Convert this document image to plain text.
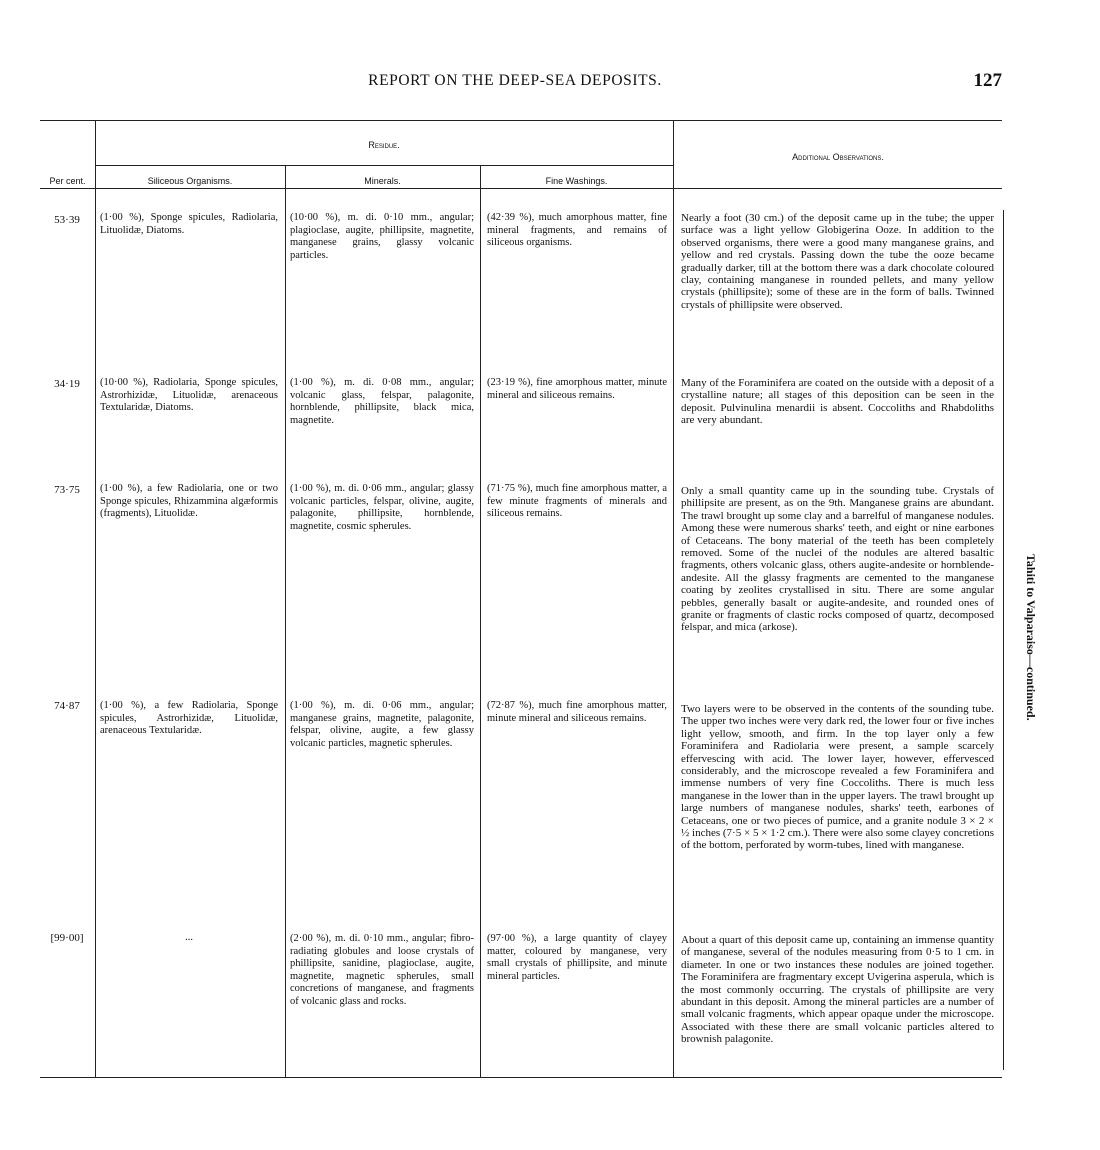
REPORT ON THE DEEP-SEA DEPOSITS.	127
Per cent.
Residue.
Siliceous Organisms.	Minerals.	Fine Washings.
Additional Observations.
53·39	(1·00 %), Sponge spicules, Radiolaria, Lituolidæ, Diatoms.
(10·00 %), m. di. 0·10 mm., angular; plagioclase, augite, phillipsite, magnetite, manganese grains, glassy volcanic particles.
(42·39 %), much amorphous matter, fine mineral fragments, and remains of siliceous organisms.
Nearly a foot (30 cm.) of the deposit came up in the tube; the upper surface was a light yellow Globigerina Ooze. In addition to the observed organisms, there were a good many manganese grains, and yellow and red crystals. Passing down the tube the ooze became gradually darker, till at the bottom there was a dark chocolate coloured clay, containing manganese in rounded pellets, and many yellow crystals (phillipsite); some of these are in the form of balls. Twinned crystals of phillipsite were observed.
34·19	(10·00 %), Radiolaria, Sponge spicules, Astrorhizidæ, Lituolidæ, arenaceous Textularidæ, Diatoms.
(1·00 %), m. di. 0·08 mm., angular; volcanic glass, felspar, palagonite, hornblende, phillipsite, black mica, magnetite.
(23·19 %), fine amorphous matter, minute mineral and siliceous remains.
Many of the Foraminifera are coated on the outside with a deposit of a crystalline nature; all stages of this deposition can be seen in the deposit. Pulvinulina menardii is absent. Coccoliths and Rhabdoliths are very abundant.
73·75	(1·00 %), a few Radiolaria, one or two Sponge spicules, Rhizammina algæformis (fragments), Lituolidæ.
(1·00 %), m. di. 0·06 mm., angular; glassy volcanic particles, felspar, olivine, augite, palagonite, phillipsite, hornblende, magnetite, cosmic spherules.
(71·75 %), much fine amorphous matter, a few minute fragments of minerals and siliceous remains.
Only a small quantity came up in the sounding tube. Crystals of phillipsite are present, as on the 9th. Manganese grains are abundant. The trawl brought up some clay and a barrelful of manganese nodules. Among these were numerous sharks' teeth, and eight or nine earbones of Cetaceans. The bony material of the teeth has been completely removed. Some of the nuclei of the nodules are altered basaltic fragments, others volcanic glass, others augite-andesite or hornblende-andesite. All the glassy fragments are cemented to the manganese coating by zeolites crystallised in situ. There are some angular pebbles, generally basalt or augite-andesite, and rounded ones of granite or fragments of clastic rocks composed of quartz, decomposed felspar, and mica (arkose).
74·87	(1·00 %), a few Radiolaria, Sponge spicules, Astrorhizidæ, Lituolidæ, arenaceous Textularidæ.
(1·00 %), m. di. 0·06 mm., angular; manganese grains, magnetite, palagonite, felspar, olivine, augite, a few glassy volcanic particles, magnetic spherules.
(72·87 %), much fine amorphous matter, minute mineral and siliceous remains.
Two layers were to be observed in the contents of the sounding tube. The upper two inches were very dark red, the lower four or five inches light yellow, smooth, and firm. In the top layer only a few Foraminifera and Radiolaria were present, a sample scarcely effervescing with acid. The lower layer, however, effervesced considerably, and the microscope revealed a few Foraminifera and immense numbers of very fine Coccoliths. There is much less manganese in the lower than in the upper layers. The trawl brought up large numbers of manganese nodules, sharks' teeth, earbones of Cetaceans, one or two pieces of pumice, and a granite nodule 3 × 2 × ½ inches (7·5 × 5 × 1·2 cm.). There were also some clayey concretions of the bottom, perforated by worm-tubes, lined with manganese.
[99·00]	...	(2·00 %), m. di. 0·10 mm., angular; fibro-radiating globules and loose crystals of phillipsite, sanidine, plagioclase, augite, magnetite, magnetic spherules, small concretions of manganese, and fragments of volcanic glass and rocks.
(97·00 %), a large quantity of clayey matter, coloured by manganese, very small crystals of phillipsite, and minute mineral particles.
About a quart of this deposit came up, containing an immense quantity of manganese, several of the nodules measuring from 0·5 to 1 cm. in diameter. In one or two instances these nodules are joined together. The Foraminifera are fragmentary except Uvigerina asperula, which is the most commonly occurring. The crystals of phillipsite are very abundant in this deposit. Among the mineral particles are a number of small volcanic fragments, which appear opaque under the microscope. Associated with these there are small volcanic particles altered to brownish palagonite.
Tahiti to Valparaiso—continued.
